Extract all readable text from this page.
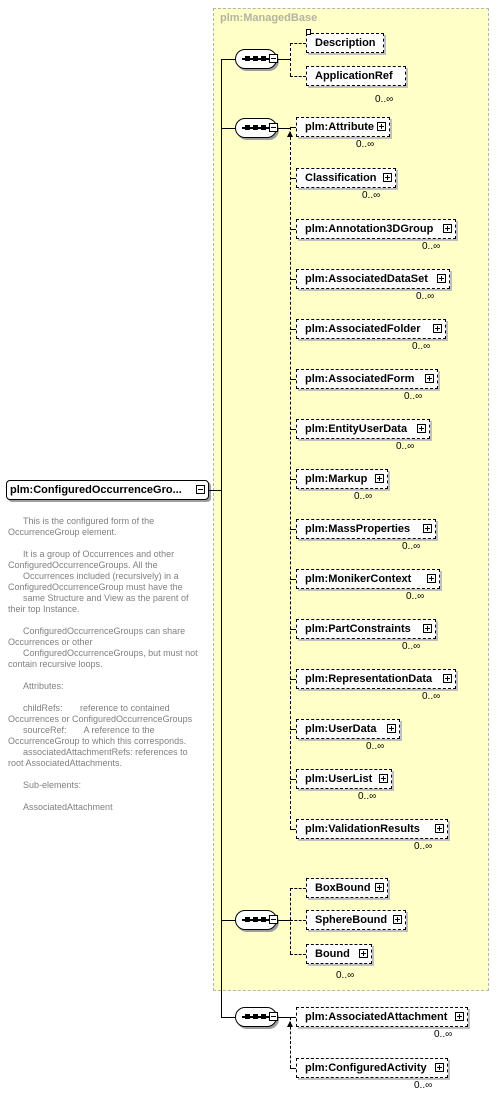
plm:ManagedBase
plm:ConfiguredOccurrenceGro...

This is the configured form of the OccurrenceGroup element.

It is a group of Occurrences and other ConfiguredOccurrenceGroups. All the
Occurrences included (recursively) in a ConfiguredOccurrenceGroup must have the
same Structure and View as the parent of their top Instance.

ConfiguredOccurrenceGroups can share Occurrences or other
ConfiguredOccurrenceGroups, but must not contain recursive loops.

Attributes:

childRefs:       reference to contained Occurrences or ConfiguredOccurrenceGroups
sourceRef:       A reference to the OccurrenceGroup to which this corresponds.
associatedAttachmentRefs: references to root AssociatedAttachments.

Sub-elements:

AssociatedAttachment

Description
ApplicationRef
0..∞
plm:Attribute
0..∞
Classification
0..∞
plm:Annotation3DGroup
0..∞
plm:AssociatedDataSet
0..∞
plm:AssociatedFolder
0..∞
plm:AssociatedForm
0..∞
plm:EntityUserData
0..∞
plm:Markup
0..∞
plm:MassProperties
0..∞
plm:MonikerContext
0..∞
plm:PartConstraints
0..∞
plm:RepresentationData
0..∞
plm:UserData
0..∞
plm:UserList
0..∞
plm:ValidationResults
0..∞
BoxBound
SphereBound
Bound
0..∞
plm:AssociatedAttachment
0..∞
plm:ConfiguredActivity
0..∞
